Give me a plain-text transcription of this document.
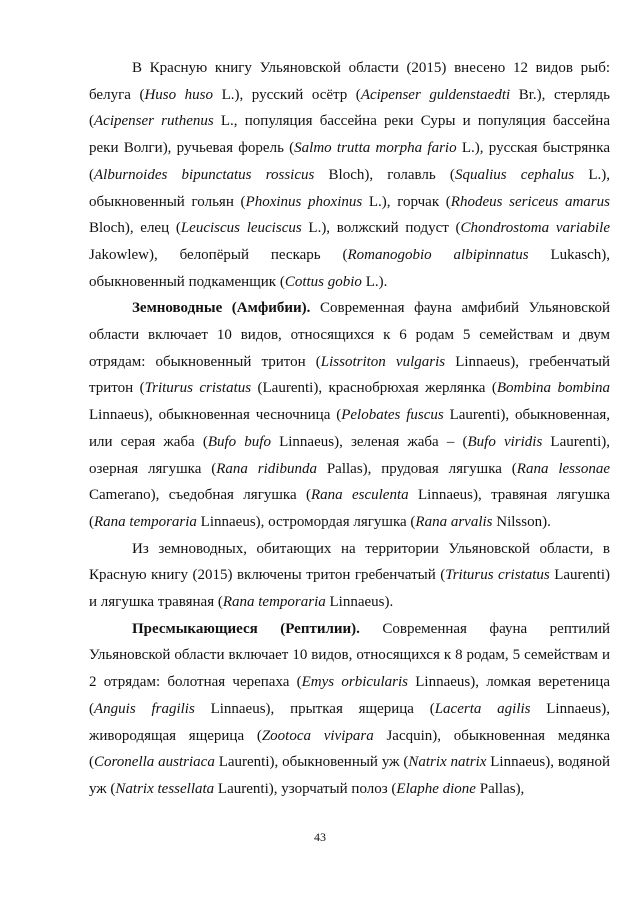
В Красную книгу Ульяновской области (2015) внесено 12 видов рыб: белуга (Huso huso L.), русский осётр (Acipenser guldenstaedti Br.), стерлядь (Acipenser ruthenus L., популяция бассейна реки Суры и популяция бассейна реки Волги), ручьевая форель (Salmo trutta morpha fario L.), русская быстрянка (Alburnoides bipunctatus rossicus Bloch), голавль (Squalius cephalus L.), обыкновенный гольян (Phoxinus phoxinus L.), горчак (Rhodeus sericeus amarus Bloch), елец (Leuciscus leuciscus L.), волжский подуст (Chondrostoma variabile Jakowlew), белопёрый пескарь (Romanogobio albipinnatus Lukasch), обыкновенный подкаменщик (Cottus gobio L.).

Земноводные (Амфибии). Современная фауна амфибий Ульяновской области включает 10 видов, относящихся к 6 родам 5 семействам и двум отрядам: обыкновенный тритон (Lissotriton vulgaris Linnaeus), гребенчатый тритон (Triturus cristatus (Laurenti), краснобрюхая жерлянка (Bombina bombina Linnaeus), обыкновенная чесночница (Pelobates fuscus Laurenti), обыкновенная, или серая жаба (Bufo bufo Linnaeus), зеленая жаба – (Bufo viridis Laurenti), озерная лягушка (Rana ridibunda Pallas), прудовая лягушка (Rana lessonae Camerano), съедобная лягушка (Rana esculenta Linnaeus), травяная лягушка (Rana temporaria Linnaeus), остромордая лягушка (Rana arvalis Nilsson).

Из земноводных, обитающих на территории Ульяновской области, в Красную книгу (2015) включены тритон гребенчатый (Triturus cristatus Laurenti) и лягушка травяная (Rana temporaria Linnaeus).

Пресмыкающиеся (Рептилии). Современная фауна рептилий Ульяновской области включает 10 видов, относящихся к 8 родам, 5 семействам и 2 отрядам: болотная черепаха (Emys orbicularis Linnaeus), ломкая веретеница (Anguis fragilis Linnaeus), прыткая ящерица (Lacerta agilis Linnaeus), живородящая ящерица (Zootoca vivipara Jacquin), обыкновенная медянка (Coronella austriaca Laurenti), обыкновенный уж (Natrix natrix Linnaeus), водяной уж (Natrix tessellata Laurenti), узорчатый полоз (Elaphe dione Pallas),

43
